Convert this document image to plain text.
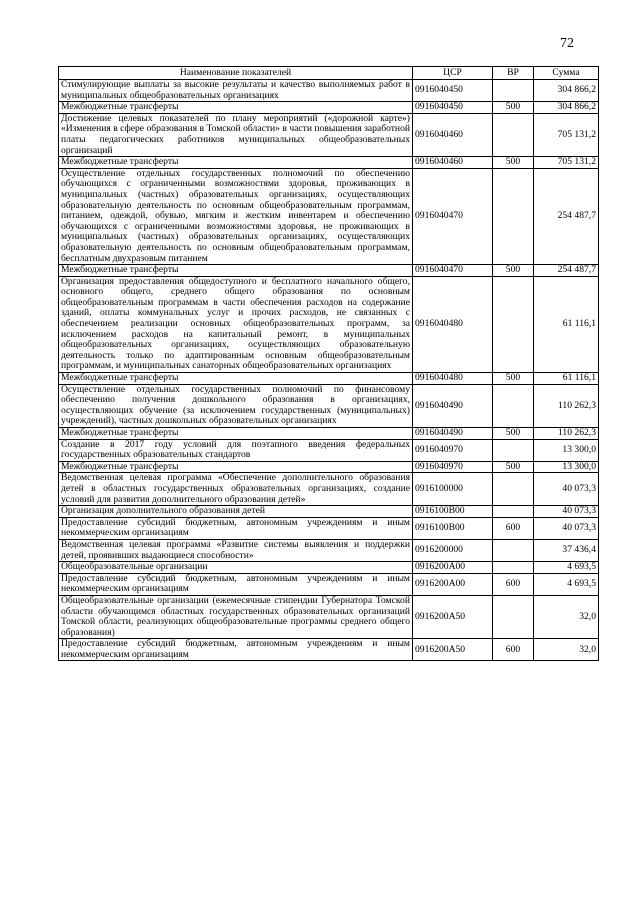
72
Наименование показателей	ЦСР	ВР	Сумма
Стимулирующие выплаты за высокие результаты и качество выполняемых работ в муниципальных общеобразовательных организациях	0916040450		304 866,2
Межбюджетные трансферты	0916040450	500	304 866,2
Достижение целевых показателей по плану мероприятий («дорожной карте») «Изменения в сфере образования в Томской области» в части повышения заработной платы педагогических работников муниципальных общеобразовательных организаций	0916040460		705 131,2
Межбюджетные трансферты	0916040460	500	705 131,2
Осуществление отдельных государственных полномочий по обеспечению обучающихся с ограниченными возможностями здоровья, проживающих в муниципальных (частных) образовательных организациях, осуществляющих образовательную деятельность по основным общеобразовательным программам, питанием, одеждой, обувью, мягким и жестким инвентарем и обеспечению обучающихся с ограниченными возможностями здоровья, не проживающих в муниципальных (частных) образовательных организациях, осуществляющих образовательную деятельность по основным общеобразовательным программам, бесплатным двухразовым питанием	0916040470		254 487,7
Межбюджетные трансферты	0916040470	500	254 487,7
Организация предоставления общедоступного и бесплатного начального общего, основного общего, среднего общего образования по основным общеобразовательным программам в части обеспечения расходов на содержание зданий, оплаты коммунальных услуг и прочих расходов, не связанных с обеспечением реализации основных общеобразовательных программ, за исключением расходов на капитальный ремонт, в муниципальных общеобразовательных организациях, осуществляющих образовательную деятельность только по адаптированным основным общеобразовательным программам, и муниципальных санаторных общеобразовательных организациях	0916040480		61 116,1
Межбюджетные трансферты	0916040480	500	61 116,1
Осуществление отдельных государственных полномочий по финансовому обеспечению получения дошкольного образования в организациях, осуществляющих обучение (за исключением государственных (муниципальных) учреждений), частных дошкольных образовательных организациях	0916040490		110 262,3
Межбюджетные трансферты	0916040490	500	110 262,3
Создание в 2017 году условий для поэтапного введения федеральных государственных образовательных стандартов	0916040970		13 300,0
Межбюджетные трансферты	0916040970	500	13 300,0
Ведомственная целевая программа «Обеспечение дополнительного образования детей в областных государственных образовательных организациях, создание условий для развития дополнительного образования детей»	0916100000		40 073,3
Организация дополнительного образования детей	0916100В00		40 073,3
Предоставление субсидий бюджетным, автономным учреждениям и иным некоммерческим организациям	0916100В00	600	40 073,3
Ведомственная целевая программа «Развитие системы выявления и поддержки детей, проявивших выдающиеся способности»	0916200000		37 436,4
Общеобразовательные организации	0916200А00		4 693,5
Предоставление субсидий бюджетным, автономным учреждениям и иным некоммерческим организациям	0916200А00	600	4 693,5
Общеобразовательные организации (ежемесячные стипендии Губернатора Томской области обучающимся областных государственных образовательных организаций Томской области, реализующих общеобразовательные программы среднего общего образования)	0916200А50		32,0
Предоставление субсидий бюджетным, автономным учреждениям и иным некоммерческим организациям	0916200А50	600	32,0
